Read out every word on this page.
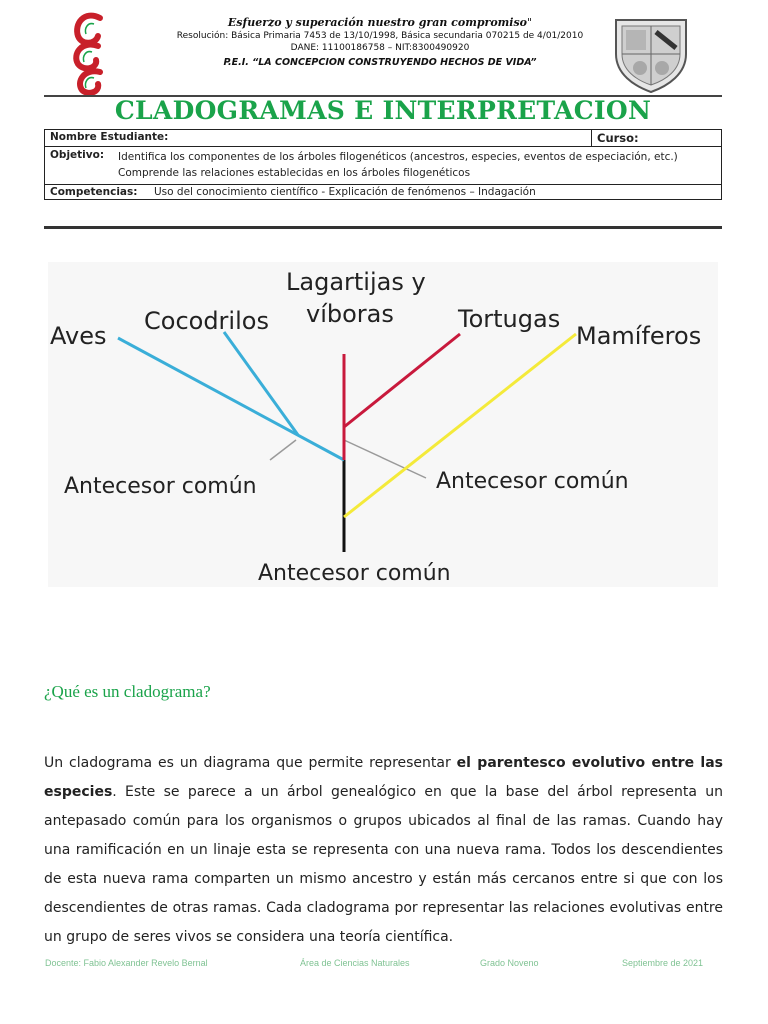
Esfuerzo y superación nuestro gran compromiso"
Resolución: Básica Primaria 7453 de 13/10/1998, Básica secundaria 070215 de 4/01/2010
DANE: 11100186758 – NIT:8300490920
P.E.I. “LA CONCEPCION CONSTRUYENDO HECHOS DE VIDA”
CLADOGRAMAS E INTERPRETACION
Nombre Estudiante:	Curso:

Objetivo:	Identifica los componentes de los árboles filogenéticos (ancestros, especies, eventos de especiación, etc.)
Comprende las relaciones establecidas en los árboles filogenéticos

Competencias: Uso del conocimiento científico - Explicación de fenómenos – Indagación
Aves
Cocodrilos
Lagartijas y
víboras	Tortugas
Mamíferos
Antecesor común	Antecesor común
Antecesor común
¿Qué es un cladograma?
Un cladograma es un diagrama que permite representar el parentesco evolutivo entre las especies. Este se parece a un árbol genealógico en que la base del árbol representa un antepasado común para los organismos o grupos ubicados al final de las ramas. Cuando hay una ramificación en un linaje esta se representa con una nueva rama. Todos los descendientes de esta nueva rama comparten un mismo ancestro y están más cercanos entre si que con los descendientes de otras ramas. Cada cladograma por representar las relaciones evolutivas entre un grupo de seres vivos se considera una teoría científica.
Docente: Fabio Alexander Revelo Bernal	Área de Ciencias Naturales	Grado Noveno	Septiembre de 2021
